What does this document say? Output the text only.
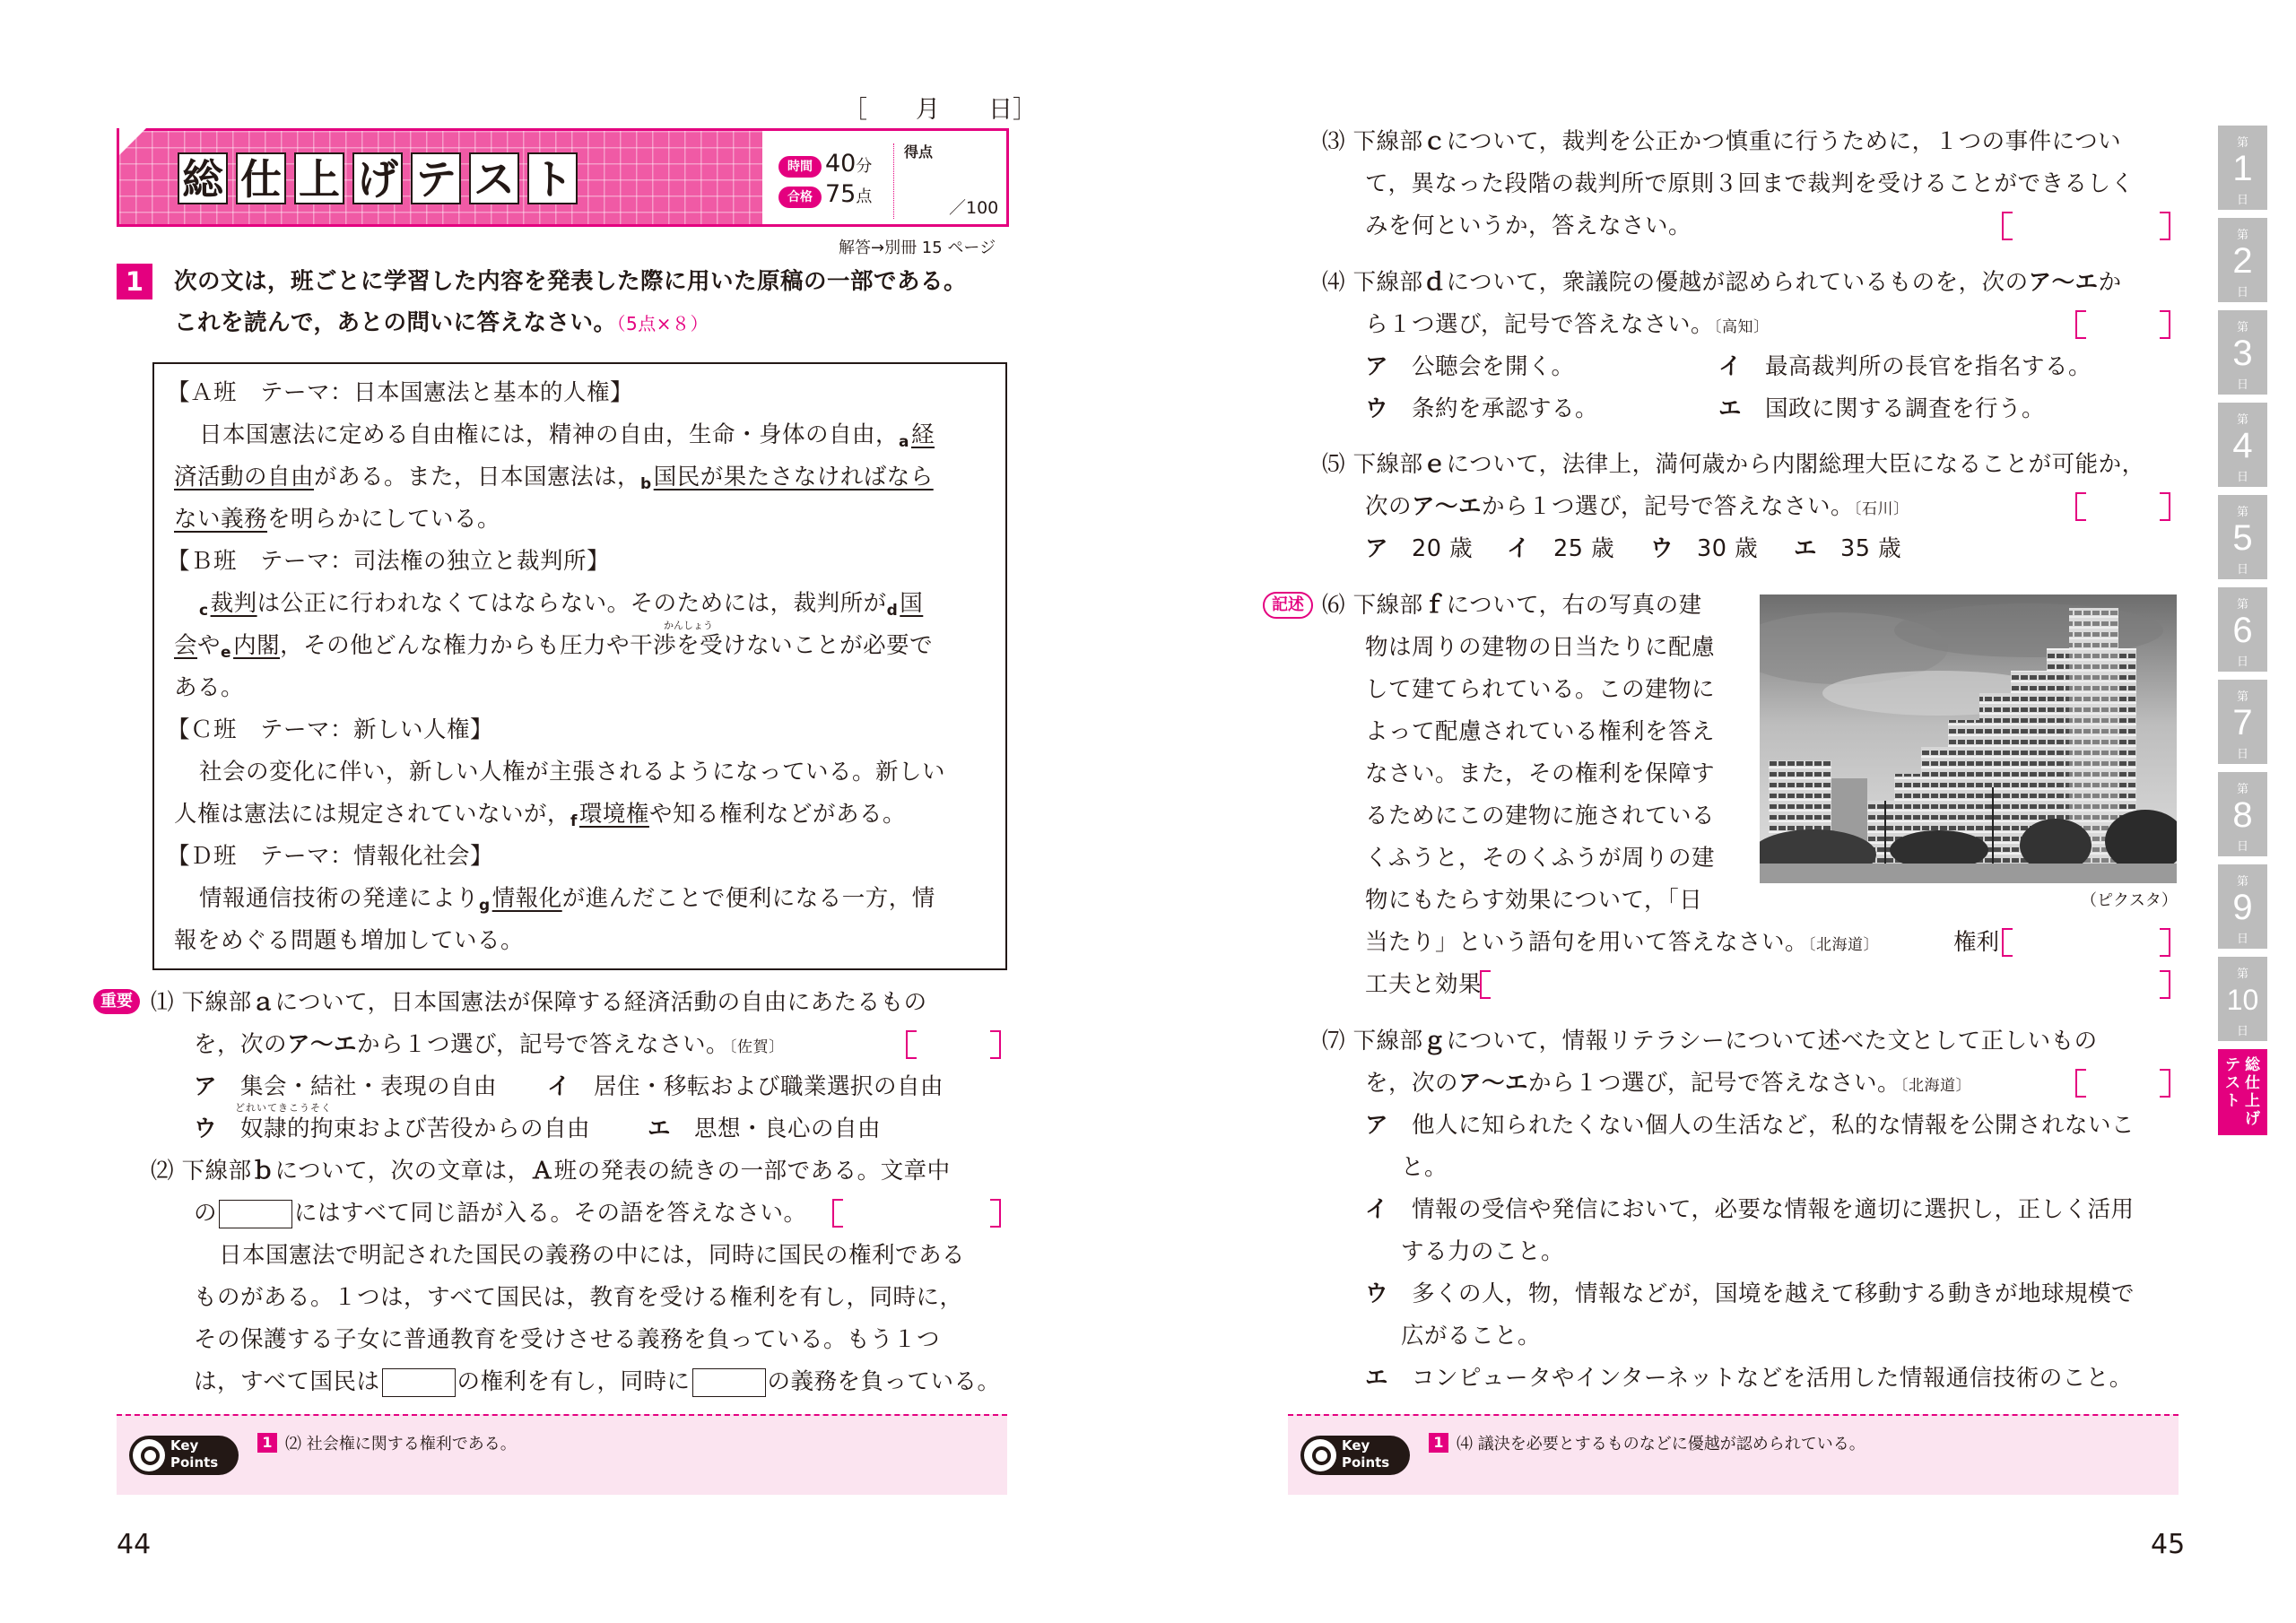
［　　月　　日］
総 仕 上 げ テ ス ト	時間 40分
合格 75点
得点
／100
解答→別冊 15 ページ
1	次の文は，班ごとに学習した内容を発表した際に用いた原稿の一部である。
これを読んで，あとの問いに答えなさい。（5点×８）
【Ａ班　テーマ：日本国憲法と基本的人権】
日本国憲法に定める自由権には，精神の自由，生命・身体の自由，a経
済活動の自由がある。また，日本国憲法は，b国民が果たさなければなら
ない義務を明らかにしている。
【Ｂ班　テーマ：司法権の独立と裁判所】
c裁判は公正に行われなくてはならない。そのためには，裁判所がd国
かんしょう
会やe内閣，その他どんな権力からも圧力や干渉を受けないことが必要で
ある。
【Ｃ班　テーマ：新しい人権】
社会の変化に伴い，新しい人権が主張されるようになっている。新しい
人権は憲法には規定されていないが，f環境権や知る権利などがある。
【Ｄ班　テーマ：情報化社会】
情報通信技術の発達によりg情報化が進んだことで便利になる一方，情
報をめぐる問題も増加している。
重要 ⑴ 下線部ａについて，日本国憲法が保障する経済活動の自由にあたるもの
を，次のア〜エから１つ選び，記号で答えなさい。〔佐賀〕
ア　 集会・結社・表現の自由 イ　 居住・移転および職業選択の自由
どれいてきこうそく
ウ　 奴隷的拘束および苦役からの自由	エ　 思想・良心の自由
⑵ 下線部ｂについて，次の文章は，Ａ班の発表の続きの一部である。文章中
の	にはすべて同じ語が入る。その語を答えなさい。
日本国憲法で明記された国民の義務の中には，同時に国民の権利である
ものがある。１つは，すべて国民は，教育を受ける権利を有し，同時に，
その保護する子女に普通教育を受けさせる義務を負っている。もう１つ
は，すべて国民は	の権利を有し，同時に	の義務を負っている。
Key
Points
1 ⑵ 社会権に関する権利である。
44
⑶ 下線部ｃについて，裁判を公正かつ慎重に行うために，１つの事件につい
て，異なった段階の裁判所で原則３回まで裁判を受けることができるしく
みを何というか，答えなさい。
⑷ 下線部ｄについて，衆議院の優越が認められているものを，次のア〜エか
ら１つ選び，記号で答えなさい。〔高知〕
ア　 公聴会を開く。	イ　 最高裁判所の長官を指名する。
ウ　 条約を承認する。	エ　 国政に関する調査を行う。
⑸ 下線部ｅについて，法律上，満何歳から内閣総理大臣になることが可能か，
次のア〜エから１つ選び，記号で答えなさい。〔石川〕
ア　 20 歳 イ　 25 歳 ウ　 30 歳 エ　 35 歳
記述 ⑹ 下線部ｆについて，右の写真の建
物は周りの建物の日当たりに配慮
して建てられている。この建物に
よって配慮されている権利を答え
なさい。また，その権利を保障す
るためにこの建物に施されている
くふうと，そのくふうが周りの建
物にもたらす効果について，「日
当たり」という語句を用いて答えなさい。〔北海道〕
（ピクスタ）
権利
工夫と効果
⑺ 下線部ｇについて，情報リテラシーについて述べた文として正しいもの
を，次のア〜エから１つ選び，記号で答えなさい。〔北海道〕
ア　 他人に知られたくない個人の生活など，私的な情報を公開されないこ
と。
イ　 情報の受信や発信において，必要な情報を適切に選択し，正しく活用
する力のこと。
ウ　 多くの人，物，情報などが，国境を越えて移動する動きが地球規模で
広がること。
エ　 コンピュータやインターネットなどを活用した情報通信技術のこと。
Key
Points
1 ⑷ 議決を必要とするものなどに優越が認められている。
45
第
1
日
第
2
日
第
3
日
第
4
日
第
5
日
第
6
日
第
7
日
第
8
日
第
9
日
第
10
日
総仕上げ
テスト
